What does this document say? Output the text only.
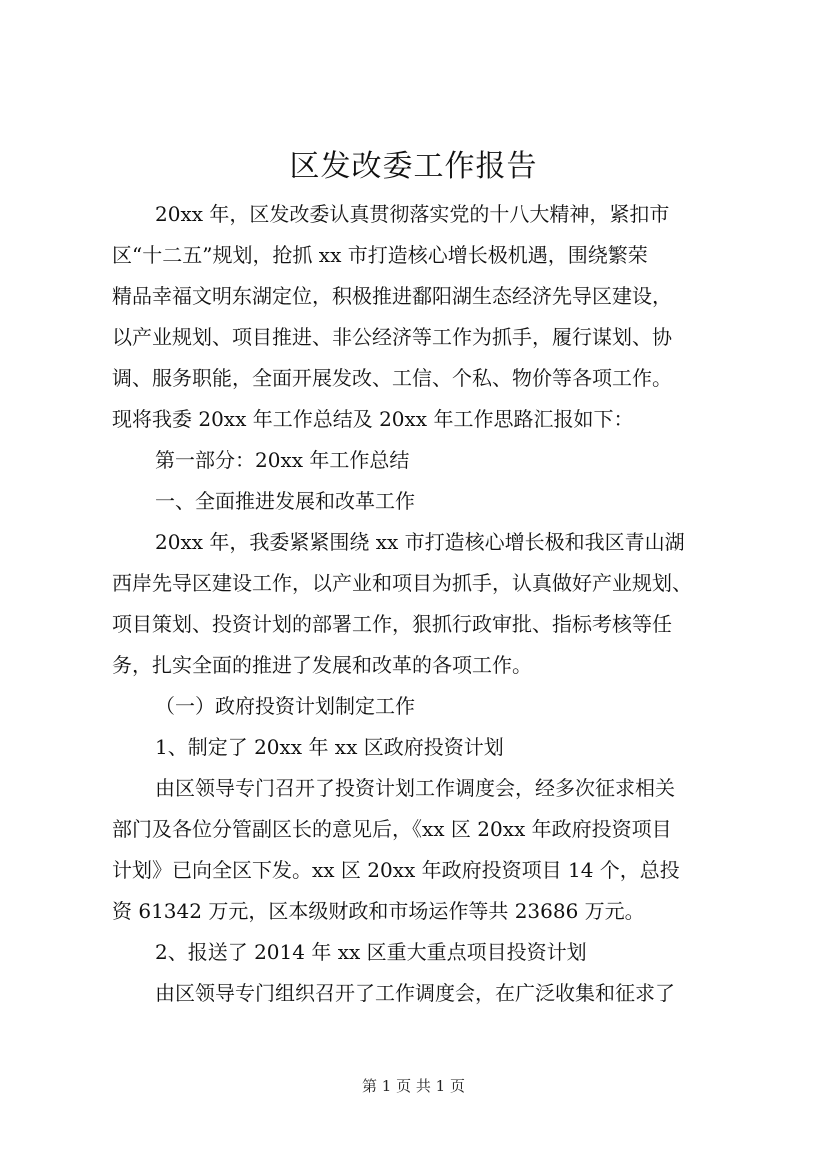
区发改委工作报告
20xx 年，区发改委认真贯彻落实党的十八大精神，紧扣市
区“十二五”规划，抢抓 xx 市打造核心增长极机遇，围绕繁荣
精品幸福文明东湖定位，积极推进鄱阳湖生态经济先导区建设，
以产业规划、项目推进、非公经济等工作为抓手，履行谋划、协
调、服务职能，全面开展发改、工信、个私、物价等各项工作。
现将我委 20xx 年工作总结及 20xx 年工作思路汇报如下：
第一部分：20xx 年工作总结
一、全面推进发展和改革工作
20xx 年，我委紧紧围绕 xx 市打造核心增长极和我区青山湖
西岸先导区建设工作，以产业和项目为抓手，认真做好产业规划、
项目策划、投资计划的部署工作，狠抓行政审批、指标考核等任
务，扎实全面的推进了发展和改革的各项工作。
（一）政府投资计划制定工作
1、制定了 20xx 年 xx 区政府投资计划
由区领导专门召开了投资计划工作调度会，经多次征求相关
部门及各位分管副区长的意见后，《xx 区 20xx 年政府投资项目
计划》已向全区下发。xx 区 20xx 年政府投资项目 14 个，总投
资 61342 万元，区本级财政和市场运作等共 23686 万元。
2、报送了 2014 年 xx 区重大重点项目投资计划
由区领导专门组织召开了工作调度会，在广泛收集和征求了
第 1 页 共 1 页
